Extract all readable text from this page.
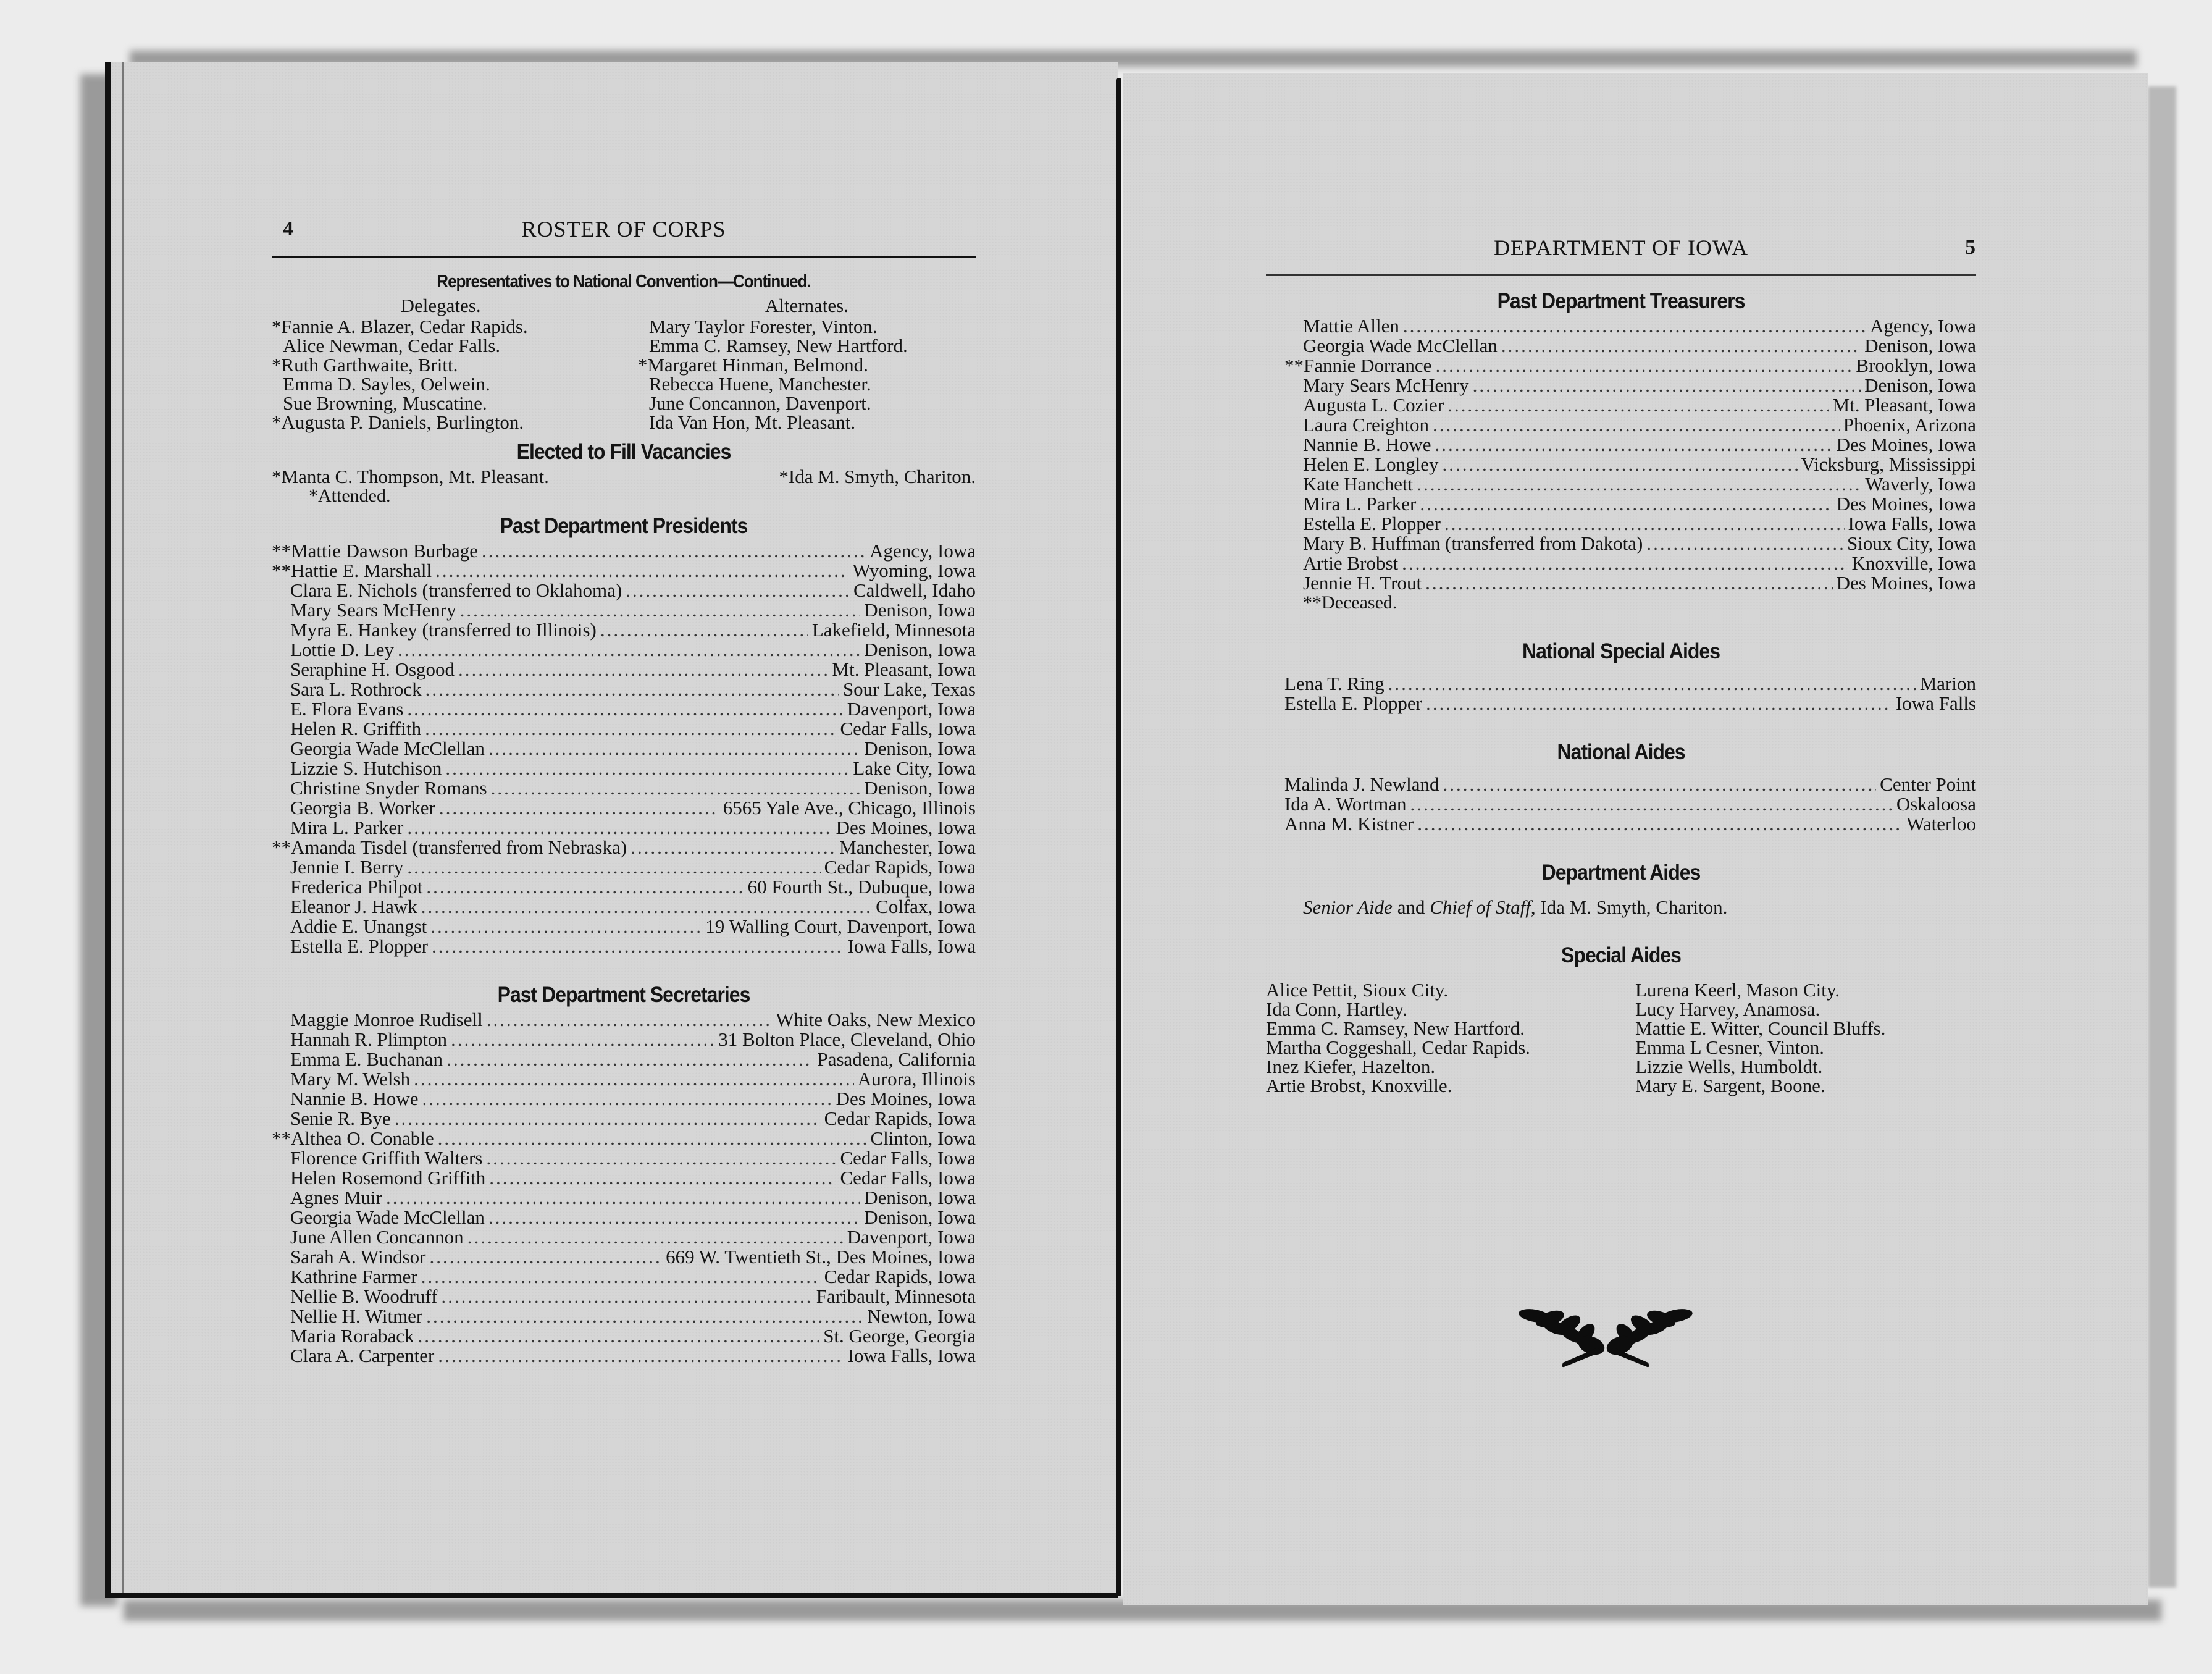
4	ROSTER OF CORPS
Representatives to National Convention—Continued.

Delegates.

*Fannie A. Blazer, Cedar Rapids.
Alice Newman, Cedar Falls.
*Ruth Garthwaite, Britt.
Emma D. Sayles, Oelwein.
Sue Browning, Muscatine.
*Augusta P. Daniels, Burlington.

Alternates.

Mary Taylor Forester, Vinton.
Emma C. Ramsey, New Hartford.
*Margaret Hinman, Belmond.
Rebecca Huene, Manchester.
June Concannon, Davenport.
Ida Van Hon, Mt. Pleasant.
Elected to Fill Vacancies
*Manta C. Thompson, Mt. Pleasant.	*Ida M. Smyth, Chariton.
*Attended.
Past Department Presidents
**Mattie Dawson Burbage .....	Agency, Iowa
**Hattie E. Marshall .....	Wyoming, Iowa
Clara E. Nichols (transferred to Oklahoma) .....	Caldwell, Idaho
Mary Sears McHenry .....	Denison, Iowa
Myra E. Hankey (transferred to Illinois) .....	Lakefield, Minnesota
Lottie D. Ley .....	Denison, Iowa
Seraphine H. Osgood .....	Mt. Pleasant, Iowa
Sara L. Rothrock .....	Sour Lake, Texas
E. Flora Evans .....	Davenport, Iowa
Helen R. Griffith .....	Cedar Falls, Iowa
Georgia Wade McClellan .....	Denison, Iowa
Lizzie S. Hutchison .....	Lake City, Iowa
Christine Snyder Romans .....	Denison, Iowa
Georgia B. Worker .....	6565 Yale Ave., Chicago, Illinois
Mira L. Parker .....	Des Moines, Iowa
**Amanda Tisdel (transferred from Nebraska) .....	Manchester, Iowa
Jennie I. Berry .....	Cedar Rapids, Iowa
Frederica Philpot .....	60 Fourth St., Dubuque, Iowa
Eleanor J. Hawk .....	Colfax, Iowa
Addie E. Unangst .....	19 Walling Court, Davenport, Iowa
Estella E. Plopper .....	Iowa Falls, Iowa
Past Department Secretaries
Maggie Monroe Rudisell .....	White Oaks, New Mexico
Hannah R. Plimpton .....	31 Bolton Place, Cleveland, Ohio
Emma E. Buchanan .....	Pasadena, California
Mary M. Welsh .....	Aurora, Illinois
Nannie B. Howe .....	Des Moines, Iowa
Senie R. Bye .....	Cedar Rapids, Iowa
**Althea O. Conable .....	Clinton, Iowa
Florence Griffith Walters .....	Cedar Falls, Iowa
Helen Rosemond Griffith .....	Cedar Falls, Iowa
Agnes Muir .....	Denison, Iowa
Georgia Wade McClellan .....	Denison, Iowa
June Allen Concannon .....	Davenport, Iowa
Sarah A. Windsor .....	669 W. Twentieth St., Des Moines, Iowa
Kathrine Farmer .....	Cedar Rapids, Iowa
Nellie B. Woodruff .....	Faribault, Minnesota
Nellie H. Witmer .....	Newton, Iowa
Maria Roraback .....	St. George, Georgia
Clara A. Carpenter .....	Iowa Falls, Iowa
DEPARTMENT OF IOWA	5
Past Department Treasurers
Mattie Allen .....	Agency, Iowa
Georgia Wade McClellan .....	Denison, Iowa
**Fannie Dorrance .....	Brooklyn, Iowa
Mary Sears McHenry .....	Denison, Iowa
Augusta L. Cozier .....	Mt. Pleasant, Iowa
Laura Creighton .....	Phoenix, Arizona
Nannie B. Howe .....	Des Moines, Iowa
Helen E. Longley .....	Vicksburg, Mississippi
Kate Hanchett .....	Waverly, Iowa
Mira L. Parker .....	Des Moines, Iowa
Estella E. Plopper .....	Iowa Falls, Iowa
Mary B. Huffman (transferred from Dakota) .....	Sioux City, Iowa
Artie Brobst .....	Knoxville, Iowa
Jennie H. Trout .....	Des Moines, Iowa
**Deceased.
National Special Aides
Lena T. Ring .....	Marion
Estella E. Plopper .....	Iowa Falls
National Aides
Malinda J. Newland .....	Center Point
Ida A. Wortman .....	Oskaloosa
Anna M. Kistner .....	Waterloo
Department Aides
Senior Aide and Chief of Staff, Ida M. Smyth, Chariton.
Special Aides
Alice Pettit, Sioux City.
Ida Conn, Hartley.
Emma C. Ramsey, New Hartford.
Martha Coggeshall, Cedar Rapids.
Inez Kiefer, Hazelton.
Artie Brobst, Knoxville.
Lurena Keerl, Mason City.
Lucy Harvey, Anamosa.
Mattie E. Witter, Council Bluffs.
Emma L Cesner, Vinton.
Lizzie Wells, Humboldt.
Mary E. Sargent, Boone.
